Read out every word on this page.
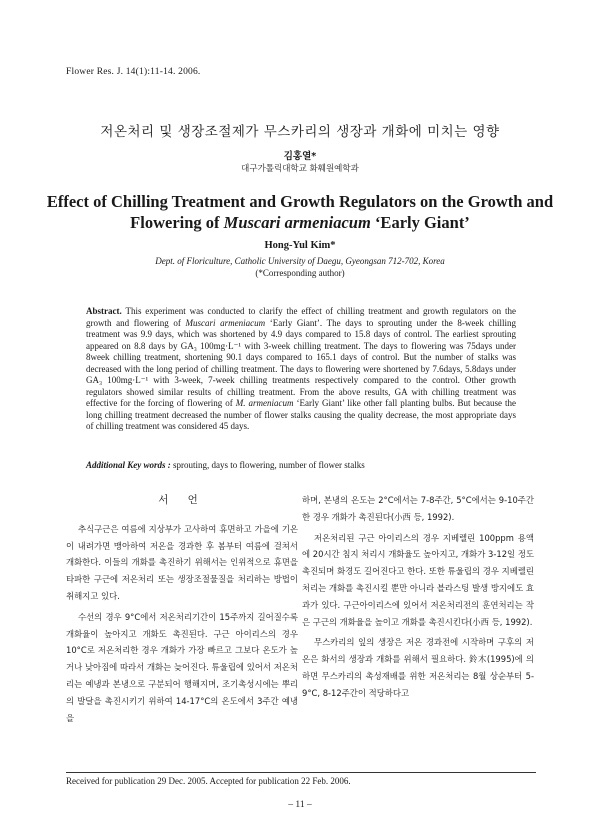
Flower Res. J. 14(1):11-14. 2006.
저온처리 및 생장조절제가 무스카리의 생장과 개화에 미치는 영향
김홍열*
대구가톨릭대학교 화훼원예학과
Effect of Chilling Treatment and Growth Regulators on the Growth and
Flowering of Muscari armeniacum ‘Early Giant’
Hong-Yul Kim*
Dept. of Floriculture, Catholic University of Daegu, Gyeongsan 712-702, Korea
(*Corresponding author)
Abstract. This experiment was conducted to clarify the effect of chilling treatment and growth regulators on the growth and flowering of Muscari armeniacum ‘Early Giant’. The days to sprouting under the 8-week chilling treatment was 9.9 days, which was shortened by 4.9 days compared to 15.8 days of control. The earliest sprouting appeared on 8.8 days by GA₃ 100mg·L⁻¹ with 3-week chilling treatment. The days to flowering was 75days under 8week chilling treatment, shortening 90.1 days compared to 165.1 days of control. But the number of stalks was decreased with the long period of chilling treatment. The days to flowering were shortened by 7.6days, 5.8days under GA₃ 100mg·L⁻¹ with 3-week, 7-week chilling treatments respectively compared to the control. Other growth regulators showed similar results of chilling treatment. From the above results, GA with chilling treatment was effective for the forcing of flowering of M. armeniacum ‘Early Giant’ like other fall planting bulbs. But because the long chilling treatment decreased the number of flower stalks causing the quality decrease, the most appropriate days of chilling treatment was considered 45 days.
Additional Key words : sprouting, days to flowering, number of flower stalks
서 언

추식구근은 여름에 지상부가 고사하여 휴면하고 가을에 기온이 내려가면 맹아하여 저온을 경과한 후 봄부터 여름에 걸쳐서 개화한다. 이들의 개화를 촉진하기 위해서는 인위적으로 휴면을 타파한 구근에 저온처리 또는 생장조절물질을 처리하는 방법이 취해지고 있다.

수선의 경우 9°C에서 저온처리기간이 15주까지 길어질수록 개화율이 높아지고 개화도 촉진된다. 구근 아이리스의 경우 10°C로 저온처리한 경우 개화가 가장 빠르고 그보다 온도가 높거나 낮아짐에 따라서 개화는 늦어진다. 튜울립에 있어서 저온처리는 예냉과 본냉으로 구분되어 행해지며, 조기촉성시에는 뿌리의 발달을 촉진시키기 위하여 14-17°C의 온도에서 3주간 예냉을

하며, 본냉의 온도는 2°C에서는 7-8주간, 5°C에서는 9-10주간한 경우 개화가 촉진된다(小西 등, 1992).

저온처리된 구근 아이리스의 경우 지베렐린 100ppm 용액에 20시간 침지 처리시 개화율도 높아지고, 개화가 3-12일 정도 촉진되며 화경도 길어진다고 한다. 또한 튜울립의 경우 지베렐린처리는 개화를 촉진시킬 뿐만 아니라 블라스팅 발생 방지에도 효과가 있다. 구근아이리스에 있어서 저온처리전의 훈연처리는 작은 구근의 개화율을 높이고 개화를 촉진시킨다(小西 등, 1992).

무스카리의 잎의 생장은 저온 경과전에 시작하며 구후의 저온은 화서의 생장과 개화를 위해서 필요하다. 鈴木(1995)에 의하면 무스카리의 촉성재배를 위한 저온처리는 8월 상순부터 5-9°C, 8-12주간이 적당하다고

Received for publication 29 Dec. 2005. Accepted for publication 22 Feb. 2006.
– 11 –
